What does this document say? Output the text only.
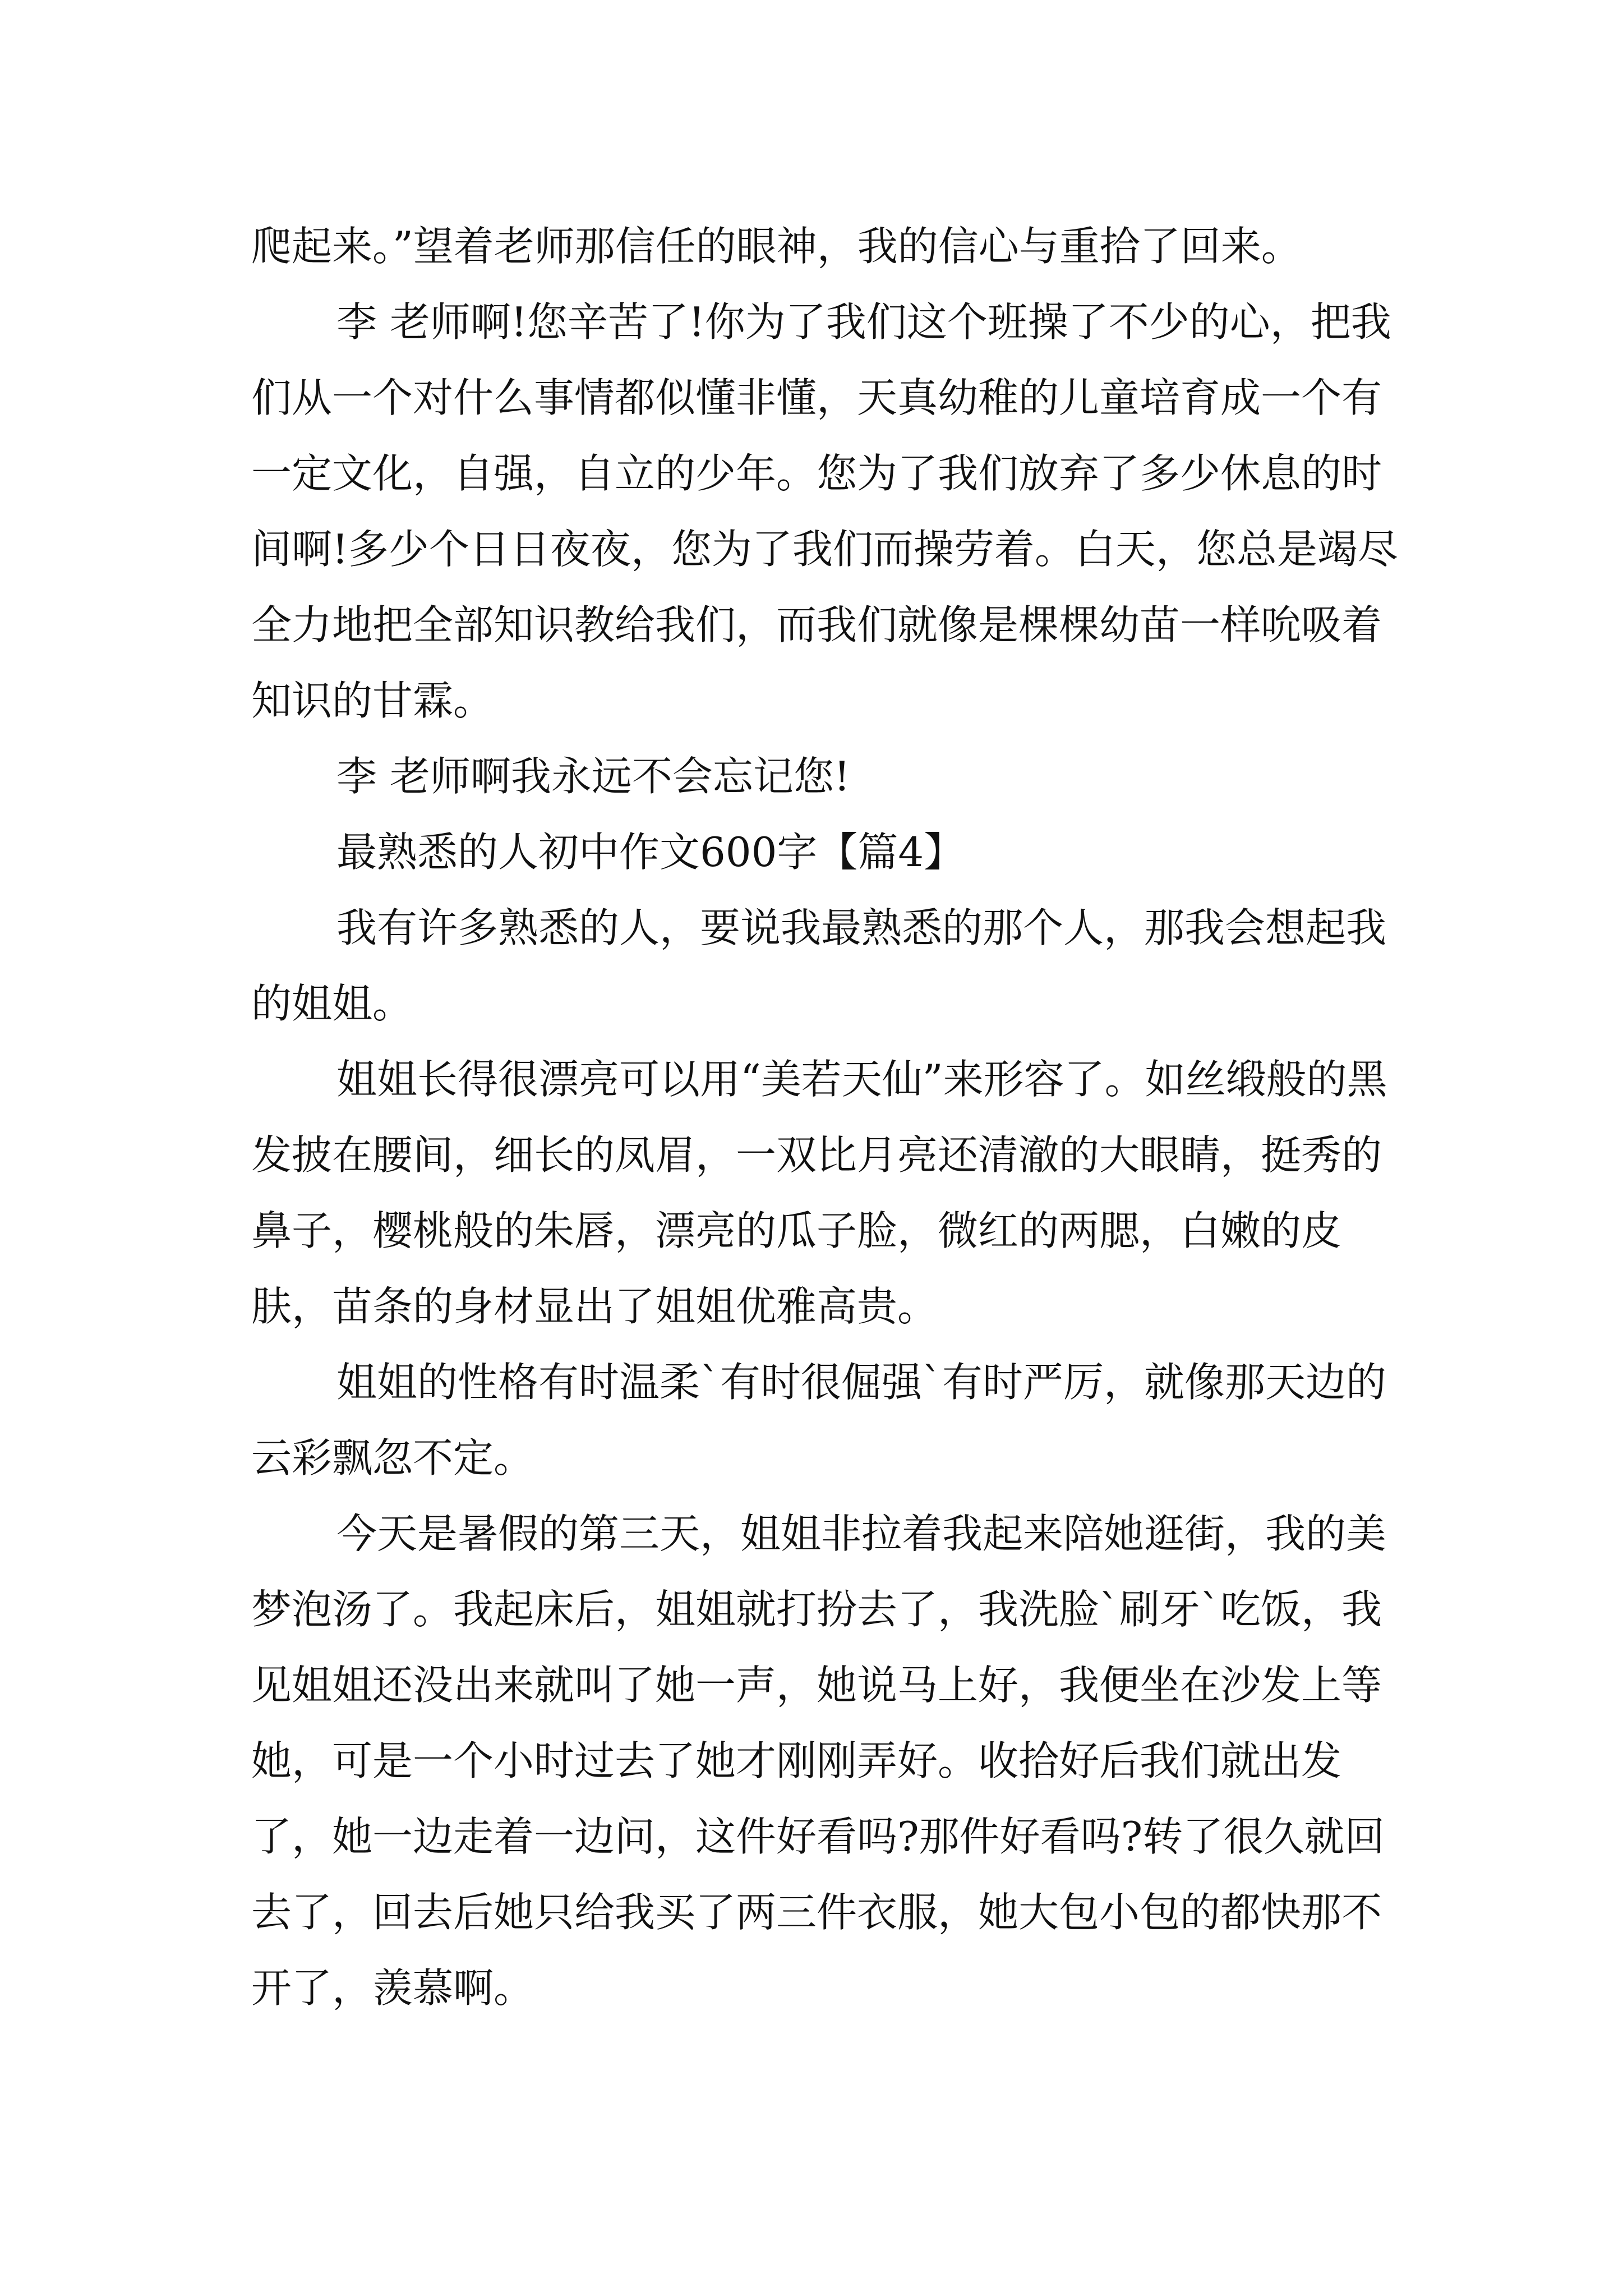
爬起来。”望着老师那信任的眼神，我的信心与重拾了回来。

李 老师啊!您辛苦了!你为了我们这个班操了不少的心，把我们从一个对什么事情都似懂非懂，天真幼稚的儿童培育成一个有一定文化，自强，自立的少年。您为了我们放弃了多少休息的时间啊!多少个日日夜夜，您为了我们而操劳着。白天，您总是竭尽全力地把全部知识教给我们，而我们就像是棵棵幼苗一样吮吸着知识的甘霖。

李 老师啊我永远不会忘记您!

最熟悉的人初中作文600字【篇4】

我有许多熟悉的人，要说我最熟悉的那个人，那我会想起我的姐姐。

姐姐长得很漂亮可以用“美若天仙”来形容了。如丝缎般的黑发披在腰间，细长的凤眉，一双比月亮还清澈的大眼睛，挺秀的鼻子，樱桃般的朱唇，漂亮的瓜子脸，微红的两腮，白嫩的皮肤，苗条的身材显出了姐姐优雅高贵。

姐姐的性格有时温柔`有时很倔强`有时严厉，就像那天边的云彩飘忽不定。

今天是暑假的第三天，姐姐非拉着我起来陪她逛街，我的美梦泡汤了。我起床后，姐姐就打扮去了，我洗脸`刷牙`吃饭，我见姐姐还没出来就叫了她一声，她说马上好，我便坐在沙发上等她，可是一个小时过去了她才刚刚弄好。收拾好后我们就出发了，她一边走着一边问，这件好看吗?那件好看吗?转了很久就回去了，回去后她只给我买了两三件衣服，她大包小包的都快那不开了，羡慕啊。
